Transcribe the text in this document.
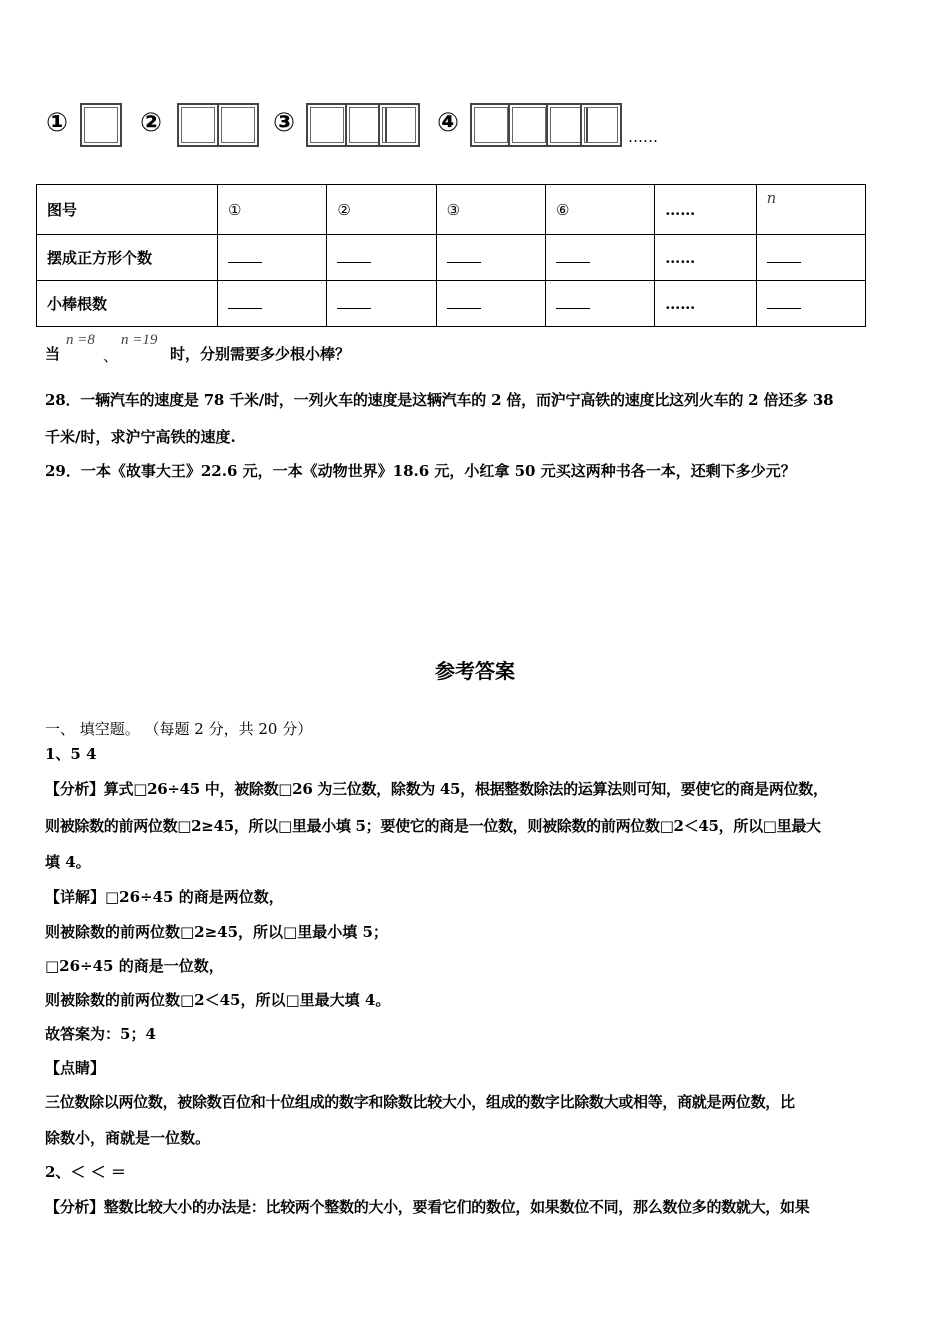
①	②	③	④	……
图号	①	②	③	⑥	……	n
摆成正方形个数					……	
小棒根数					……	
当
n =8
、
n =19
时，分别需要多少根小棒？
28．一辆汽车的速度是 78 千米/时，一列火车的速度是这辆汽车的 2 倍，而沪宁高铁的速度比这列火车的 2 倍还多 38
千米/时，求沪宁高铁的速度.
29．一本《故事大王》22.6 元，一本《动物世界》18.6 元，小红拿 50 元买这两种书各一本，还剩下多少元？
参考答案
一、 填空题。 （每题 2 分，共 20 分）
1、5 4
【分析】算式□26÷45 中，被除数□26 为三位数，除数为 45，根据整数除法的运算法则可知，要使它的商是两位数，
则被除数的前两位数□2≥45，所以□里最小填 5；要使它的商是一位数，则被除数的前两位数□2＜45，所以□里最大
填 4。
【详解】□26÷45 的商是两位数，
则被除数的前两位数□2≥45，所以□里最小填 5；
□26÷45 的商是一位数，
则被除数的前两位数□2＜45，所以□里最大填 4。
故答案为：5；4
【点睛】
三位数除以两位数，被除数百位和十位组成的数字和除数比较大小，组成的数字比除数大或相等，商就是两位数，比
除数小，商就是一位数。
2、＜ ＜ ＝
【分析】整数比较大小的办法是：比较两个整数的大小，要看它们的数位，如果数位不同，那么数位多的数就大，如果
